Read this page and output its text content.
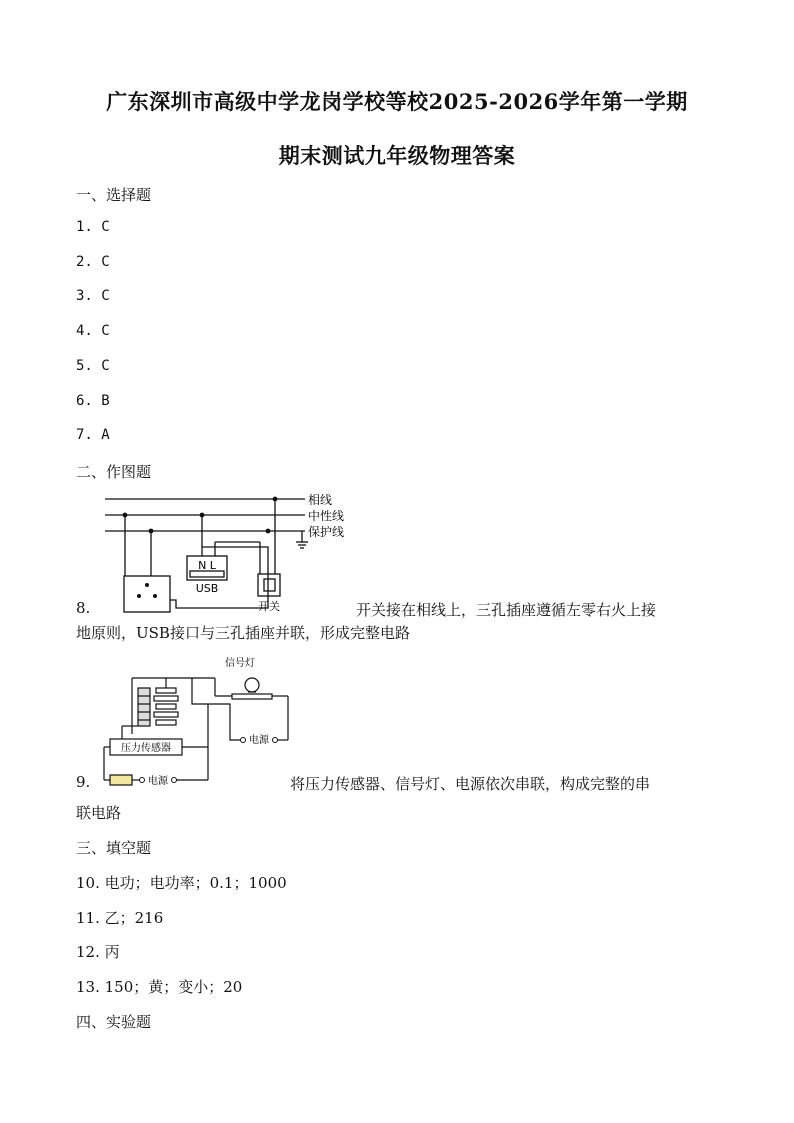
广东深圳市高级中学龙岗学校等校2025-2026学年第一学期
期末测试九年级物理答案
一、选择题
1. C
2. C
3. C
4. C
5. C
6. B
7. A
二、作图题
相线
中性线
保护线
N L
USB
开关
8.	开关接在相线上，三孔插座遵循左零右火上接
地原则，USB接口与三孔插座并联，形成完整电路
信号灯
压力传感器
电源
电源
9.	将压力传感器、信号灯、电源依次串联，构成完整的串
联电路
三、填空题
10. 电功；电功率；0.1；1000
11. 乙；216
12. 丙
13. 150；黄；变小；20
四、实验题
